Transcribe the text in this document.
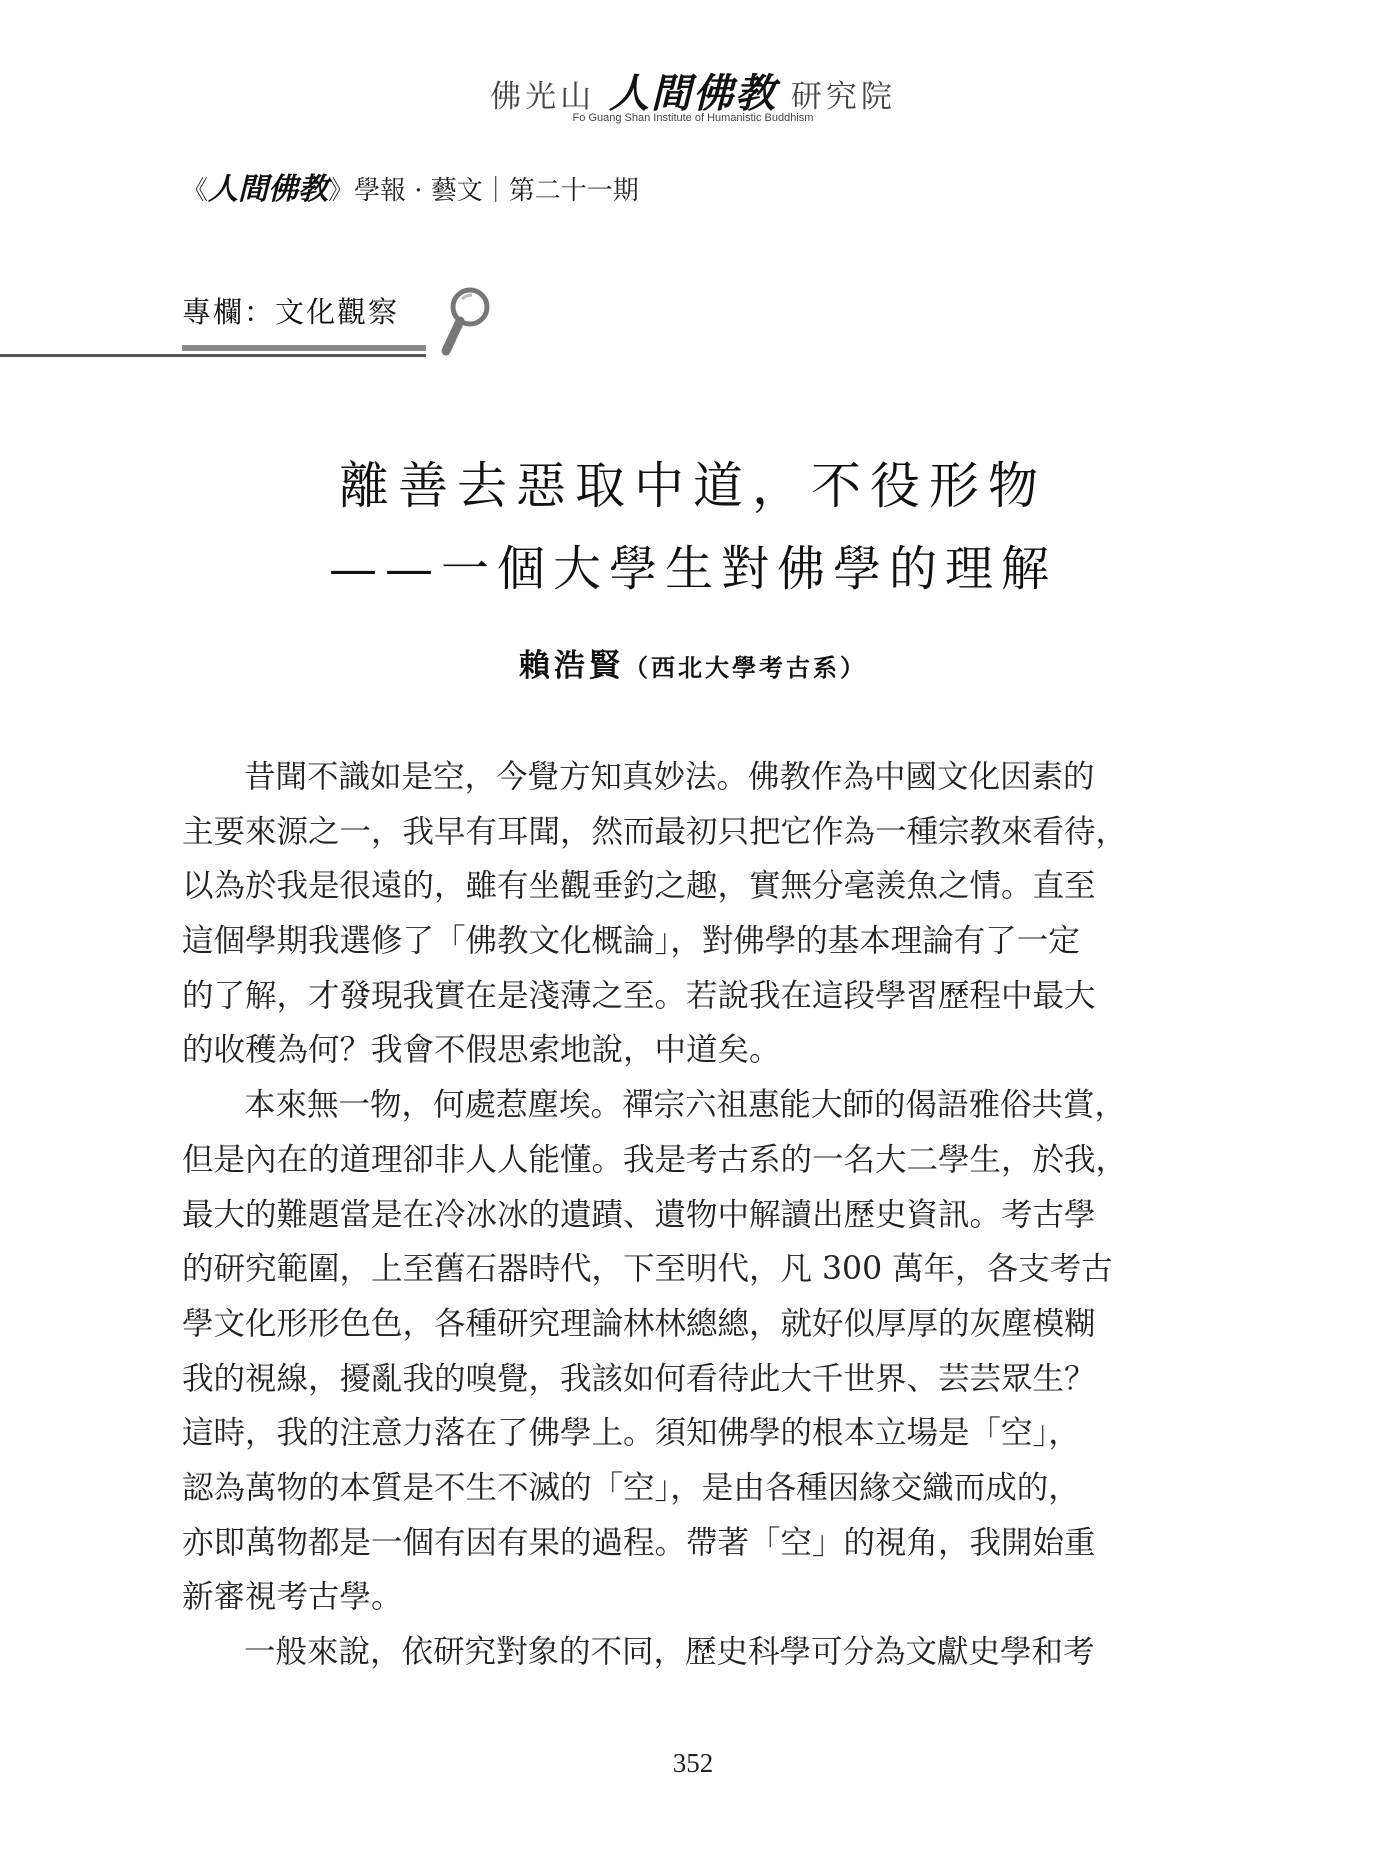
佛光山 人間佛教 研究院
Fo Guang Shan Institute of Humanistic Buddhism
《人間佛教》學報 · 藝文｜第二十一期
專欄：文化觀察
離善去惡取中道，不役形物
——一個大學生對佛學的理解
賴浩賢（西北大學考古系）
昔聞不識如是空，今覺方知真妙法。佛教作為中國文化因素的
主要來源之一，我早有耳聞，然而最初只把它作為一種宗教來看待，
以為於我是很遠的，雖有坐觀垂釣之趣，實無分毫羨魚之情。直至
這個學期我選修了「佛教文化概論」，對佛學的基本理論有了一定
的了解，才發現我實在是淺薄之至。若說我在這段學習歷程中最大
的收穫為何？我會不假思索地說，中道矣。
本來無一物，何處惹塵埃。禪宗六祖惠能大師的偈語雅俗共賞，
但是內在的道理卻非人人能懂。我是考古系的一名大二學生，於我，
最大的難題當是在冷冰冰的遺蹟、遺物中解讀出歷史資訊。考古學
的研究範圍，上至舊石器時代，下至明代，凡 300 萬年，各支考古
學文化形形色色，各種研究理論林林總總，就好似厚厚的灰塵模糊
我的視線，擾亂我的嗅覺，我該如何看待此大千世界、芸芸眾生？
這時，我的注意力落在了佛學上。須知佛學的根本立場是「空」，
認為萬物的本質是不生不滅的「空」，是由各種因緣交織而成的，
亦即萬物都是一個有因有果的過程。帶著「空」的視角，我開始重
新審視考古學。
一般來說，依研究對象的不同，歷史科學可分為文獻史學和考
352
